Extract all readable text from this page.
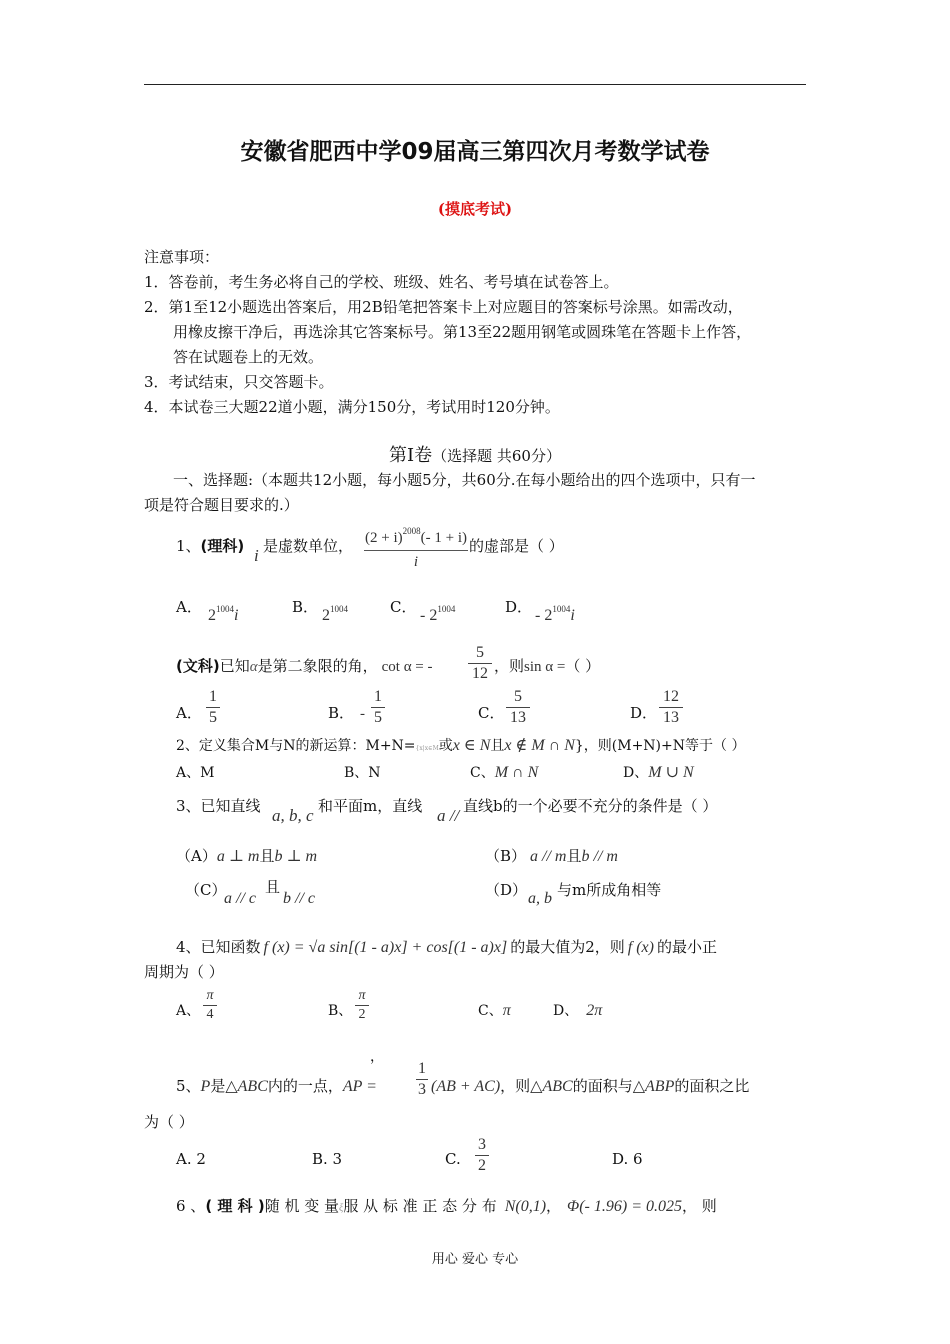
安徽省肥西中学09届高三第四次月考数学试卷
(摸底考试)
注意事项：
1．答卷前，考生务必将自己的学校、班级、姓名、考号填在试卷答上。
2．第1至12小题选出答案后，用2B铅笔把答案卡上对应题目的答案标号涂黑。如需改动，
用橡皮擦干净后，再选涂其它答案标号。第13至22题用钢笔或圆珠笔在答题卡上作答，
答在试题卷上的无效。
3．考试结束，只交答题卡。
4．本试卷三大题22道小题，满分150分，考试用时120分钟。
第Ⅰ卷（选择题 共60分）
一、选择题:（本题共12小题，每小题5分，共60分.在每小题给出的四个选项中，只有一
项是符合题目要求的.）
1、(理科) i 是虚数单位， $(2 + i)^{2008}(-$ 1 + i)
i
的虚部是（ ）
A． $2^{1004}i$	B． $2^{1004}$	C． - $2^{1004}$	D． - $2^{1004}i$
(文科)已知α是第二象限的角， cot α = -
5
12 ，则sin α =（ ）
A．
1
5	B． -
1
5	C．
5
13	D．
12
13
2、定义集合M与N的新运算：M+N={x|x∈M或x ∈ N且x ∉ M ∩ N}，则(M+N)+N等于（ ）
A、M	B、N	C、M ∩ N	D、M ∪ N
3、已知直线 a, b, c 和平面m，直线 a // 直线b的一个必要不充分的条件是（ ）
（A）a ⊥ m且b ⊥ m	（B） a // m且b // m
（C）
a // c
且
b // c	（D） a, b 与m所成角相等
4、已知函数 f (x) = √a sin[(1 - a)x] + cos[(1 - a)x] 的最大值为2，则 f (x) 的最小正
周期为（ ）
A、
π
4	B、
π
2	C、π	D、 2π
，
5、P是△ABC内的一点，AP =
1
3 (AB + AC)，则△ABC的面积与△ABP的面积之比
为（ ）
A. 2	B. 3	C.
3
2	D. 6
6 、( 理 科 )随 机 变 量ξ服 从 标 准 正 态 分 布 N(0,1)， Φ(- 1.96) = 0.025， 则
用心 爱心 专心
